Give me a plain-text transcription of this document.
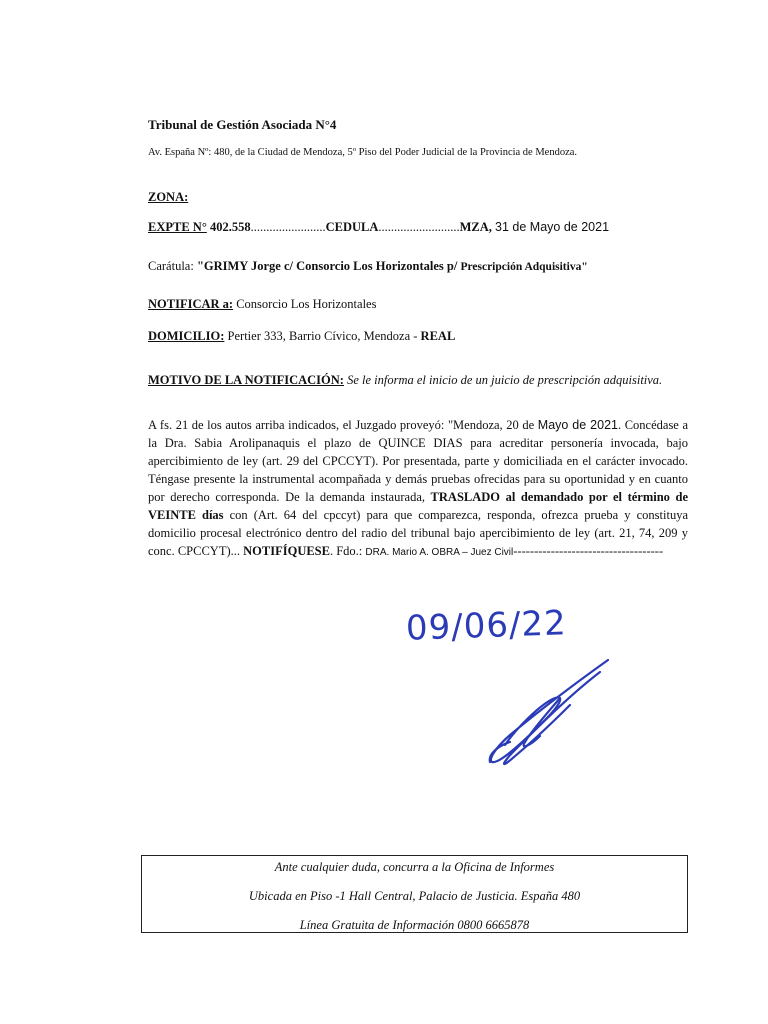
Tribunal de Gestión Asociada N°4
Av. España Nº: 480, de la Ciudad de Mendoza, 5º Piso del Poder Judicial de la Provincia de Mendoza.
ZONA:
EXPTE N° 402.558........................CEDULA..........................MZA, 31 de Mayo de 2021
Carátula: "GRIMY Jorge c/ Consorcio Los Horizontales p/ Prescripción Adquisitiva"
NOTIFICAR a: Consorcio Los Horizontales
DOMICILIO: Pertier 333, Barrio Cívico, Mendoza - REAL
MOTIVO DE LA NOTIFICACIÓN: Se le informa el inicio de un juicio de prescripción adquisitiva.
A fs. 21 de los autos arriba indicados, el Juzgado proveyó: "Mendoza, 20 de Mayo de 2021. Concédase a la Dra. Sabia Arolipanaquis el plazo de QUINCE DIAS para acreditar personería invocada, bajo apercibimiento de ley (art. 29 del CPCCYT). Por presentada, parte y domiciliada en el carácter invocado. Téngase presente la instrumental acompañada y demás pruebas ofrecidas para su oportunidad y en cuanto por derecho corresponda. De la demanda instaurada, TRASLADO al demandado por el término de VEINTE días con (Art. 64 del cpccyt) para que comparezca, responda, ofrezca prueba y constituya domicilio procesal electrónico dentro del radio del tribunal bajo apercibimiento de ley (art. 21, 74, 209 y conc. CPCCYT)... NOTIFÍQUESE. Fdo.: DRA. Mario A. OBRA – Juez Civil------------------------------------
09/06/22
Ante cualquier duda, concurra a la Oficina de Informes
Ubicada en Piso -1 Hall Central, Palacio de Justicia. España 480
Línea Gratuita de Información 0800 6665878
